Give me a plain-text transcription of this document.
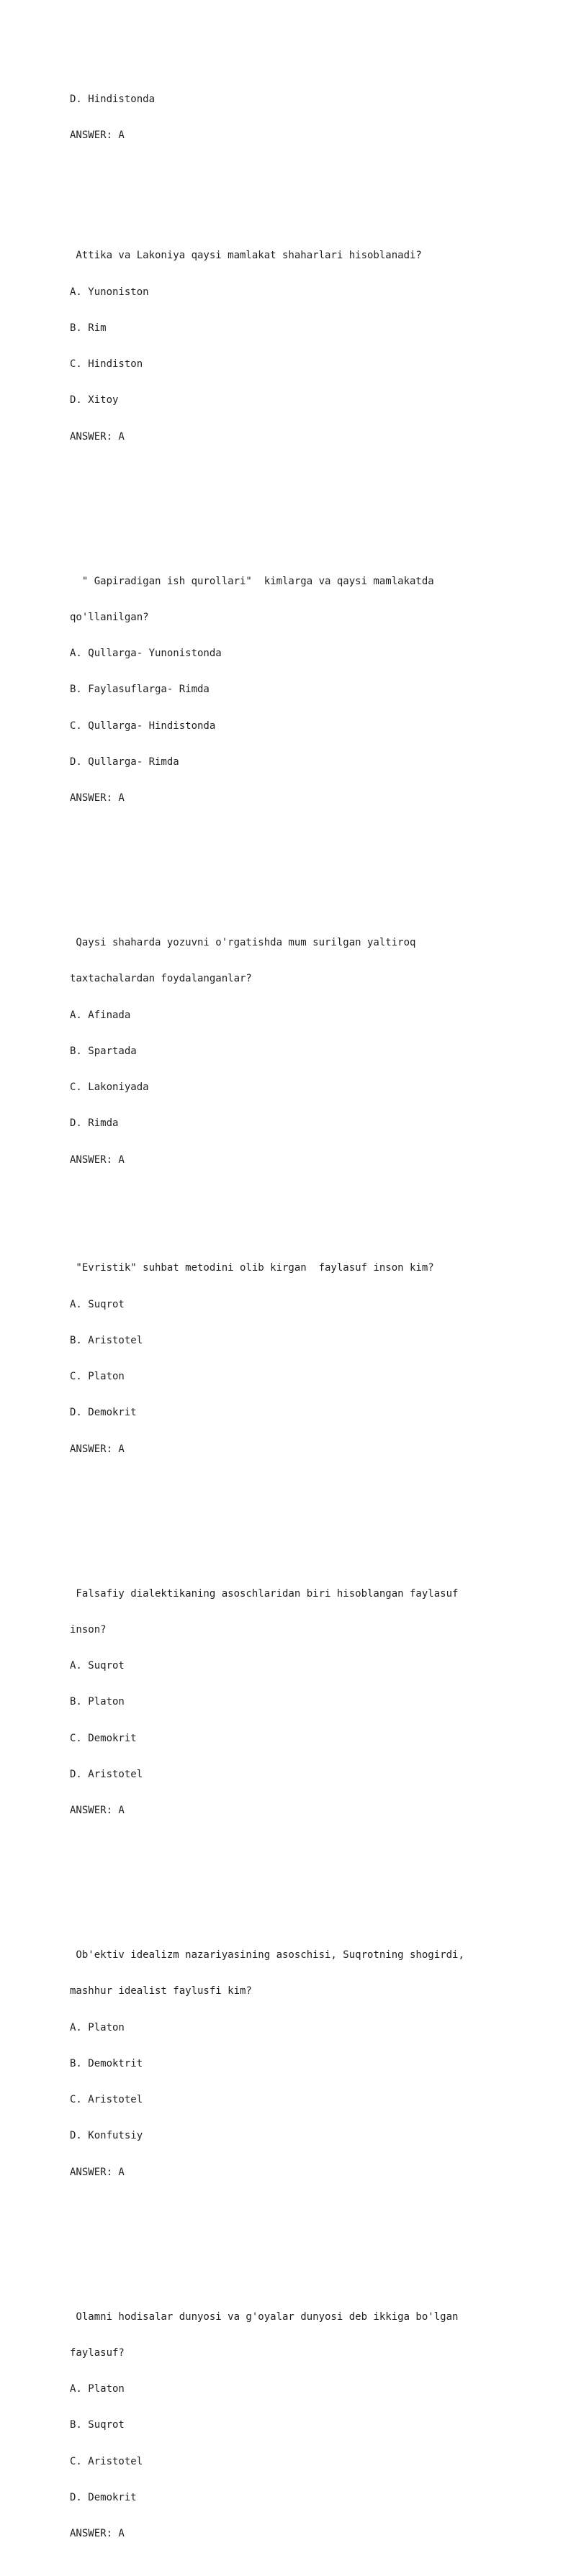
D. Hindistonda

ANSWER: A

Attika va Lakoniya qaysi mamlakat shaharlari hisoblanadi?

A. Yunoniston

B. Rim

C. Hindiston

D. Xitoy

ANSWER: A

" Gapiradigan ish qurollari"  kimlarga va qaysi mamlakatda

qo'llanilgan?

A. Qullarga- Yunonistonda

B. Faylasuflarga- Rimda

C. Qullarga- Hindistonda

D. Qullarga- Rimda

ANSWER: A

Qaysi shaharda yozuvni o'rgatishda mum surilgan yaltiroq

taxtachalardan foydalanganlar?

A. Afinada

B. Spartada

C. Lakoniyada

D. Rimda

ANSWER: A

"Evristik" suhbat metodini olib kirgan  faylasuf inson kim?

A. Suqrot

B. Aristotel

C. Platon

D. Demokrit

ANSWER: A

Falsafiy dialektikaning asoschlaridan biri hisoblangan faylasuf

inson?

A. Suqrot

B. Platon

C. Demokrit

D. Aristotel

ANSWER: A

Ob'ektiv idealizm nazariyasining asoschisi, Suqrotning shogirdi,

mashhur idealist faylusfi kim?

A. Platon

B. Demoktrit

C. Aristotel

D. Konfutsiy

ANSWER: A

Olamni hodisalar dunyosi va g'oyalar dunyosi deb ikkiga bo'lgan

faylasuf?

A. Platon

B. Suqrot

C. Aristotel

D. Demokrit

ANSWER: A
